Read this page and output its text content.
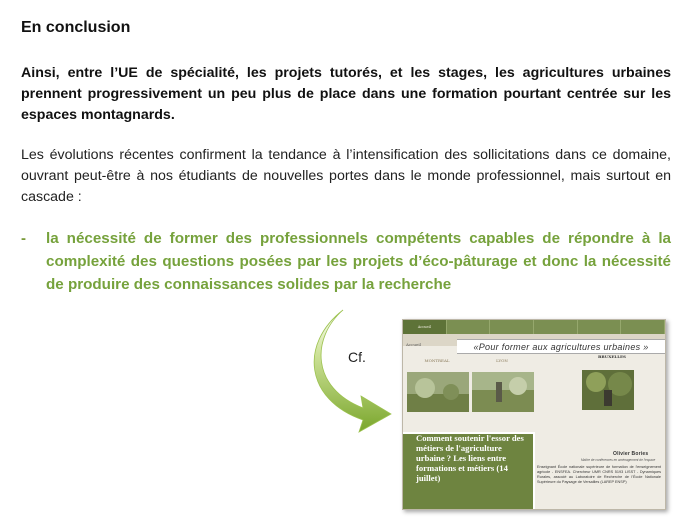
En conclusion
Ainsi, entre l’UE de spécialité, les projets tutorés, et les stages, les agricultures urbaines prennent progressivement un peu plus de place dans une formation pourtant centrée sur les espaces montagnards.
Les évolutions récentes confirment la tendance à l’intensification des sollicitations dans ce domaine, ouvrant peut-être à nos étudiants de nouvelles portes dans le monde professionnel, mais surtout en cascade :
- la nécessité de former des professionnels compétents capables de répondre à la complexité des questions posées par les projets d’éco-pâturage et donc la nécessité de produire des connaissances solides par la recherche
Cf.
Accueil
Accueil	«Pour former aux agricultures urbaines »
MONTREAL	LYON
BRUXELLES
Comment soutenir l'essor des métiers de l'agriculture urbaine ? Les liens entre formations et métiers (14 juillet)
Olivier Bories
Maître de conférences en aménagement de l'espace
Enseignant École nationale supérieure de formation de l'enseignement agricole - ENSFEA. Chercheur UMR CNRS 5193 LISST - Dynamiques Rurales, associé au Laboratoire de Recherche de l'École Nationale Supérieure du Paysage de Versailles (LAREP ENSP)
